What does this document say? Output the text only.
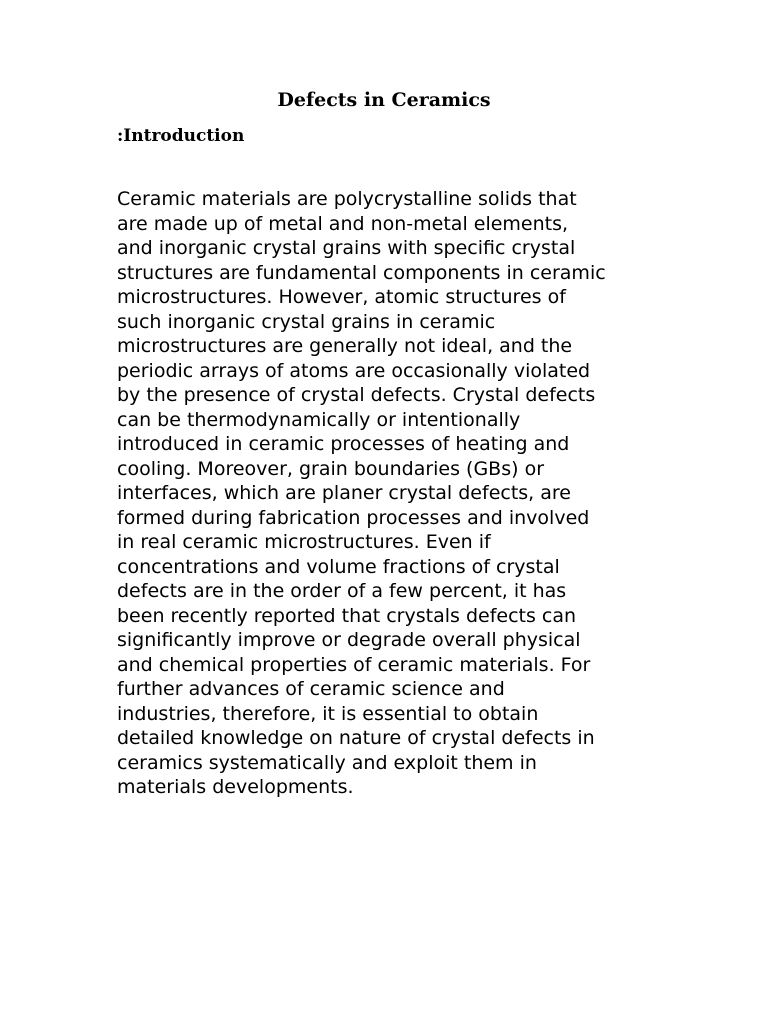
Defects in Ceramics
:Introduction

Ceramic materials are polycrystalline solids that
are made up of metal and non-metal elements,
and inorganic crystal grains with specific crystal
structures are fundamental components in ceramic
microstructures. However, atomic structures of
such inorganic crystal grains in ceramic
microstructures are generally not ideal, and the
periodic arrays of atoms are occasionally violated
by the presence of crystal defects. Crystal defects
can be thermodynamically or intentionally
introduced in ceramic processes of heating and
cooling. Moreover, grain boundaries (GBs) or
interfaces, which are planer crystal defects, are
formed during fabrication processes and involved
in real ceramic microstructures. Even if
concentrations and volume fractions of crystal
defects are in the order of a few percent, it has
been recently reported that crystals defects can
significantly improve or degrade overall physical
and chemical properties of ceramic materials. For
further advances of ceramic science and
industries, therefore, it is essential to obtain
detailed knowledge on nature of crystal defects in
ceramics systematically and exploit them in
materials developments.
